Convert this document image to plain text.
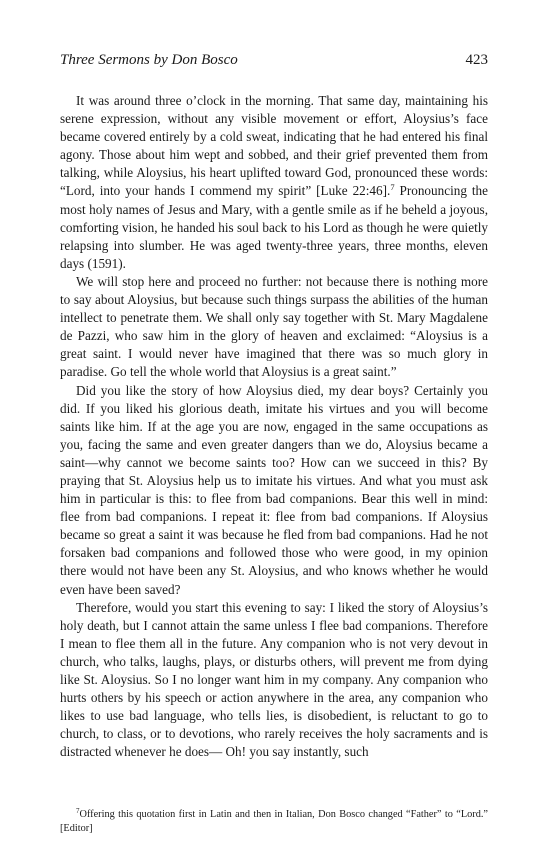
Three Sermons by Don Bosco	423

It was around three o’clock in the morning. That same day, maintaining his serene expression, without any visible movement or effort, Aloysius’s face became covered entirely by a cold sweat, indicating that he had entered his final agony. Those about him wept and sobbed, and their grief prevented them from talking, while Aloysius, his heart uplifted toward God, pronounced these words: “Lord, into your hands I commend my spirit” [Luke 22:46].$^7$ Pronouncing the most holy names of Jesus and Mary, with a gentle smile as if he beheld a joyous, comforting vision, he handed his soul back to his Lord as though he were quietly relapsing into slumber. He was aged twenty-three years, three months, eleven days (1591).

We will stop here and proceed no further: not because there is nothing more to say about Aloysius, but because such things surpass the abilities of the human intellect to penetrate them. We shall only say together with St. Mary Magdalene de Pazzi, who saw him in the glory of heaven and exclaimed: “Aloysius is a great saint. I would never have imagined that there was so much glory in paradise. Go tell the whole world that Aloysius is a great saint.”

Did you like the story of how Aloysius died, my dear boys? Certainly you did. If you liked his glorious death, imitate his virtues and you will become saints like him. If at the age you are now, engaged in the same occupations as you, facing the same and even greater dangers than we do, Aloysius became a saint—why cannot we become saints too? How can we succeed in this? By praying that St. Aloysius help us to imitate his virtues. And what you must ask him in particular is this: to flee from bad companions. Bear this well in mind: flee from bad companions. I repeat it: flee from bad companions. If Aloysius became so great a saint it was because he fled from bad companions. Had he not forsaken bad companions and followed those who were good, in my opinion there would not have been any St. Aloysius, and who knows whether he would even have been saved?

Therefore, would you start this evening to say: I liked the story of Aloysius’s holy death, but I cannot attain the same unless I flee bad companions. Therefore I mean to flee them all in the future. Any companion who is not very devout in church, who talks, laughs, plays, or disturbs others, will prevent me from dying like St. Aloysius. So I no longer want him in my company. Any companion who hurts others by his speech or action anywhere in the area, any companion who likes to use bad language, who tells lies, is disobedient, is reluctant to go to church, to class, or to devotions, who rarely receives the holy sacraments and is distracted whenever he does— Oh! you say instantly, such

$^7$Offering this quotation first in Latin and then in Italian, Don Bosco changed “Father” to “Lord.” [Editor]
